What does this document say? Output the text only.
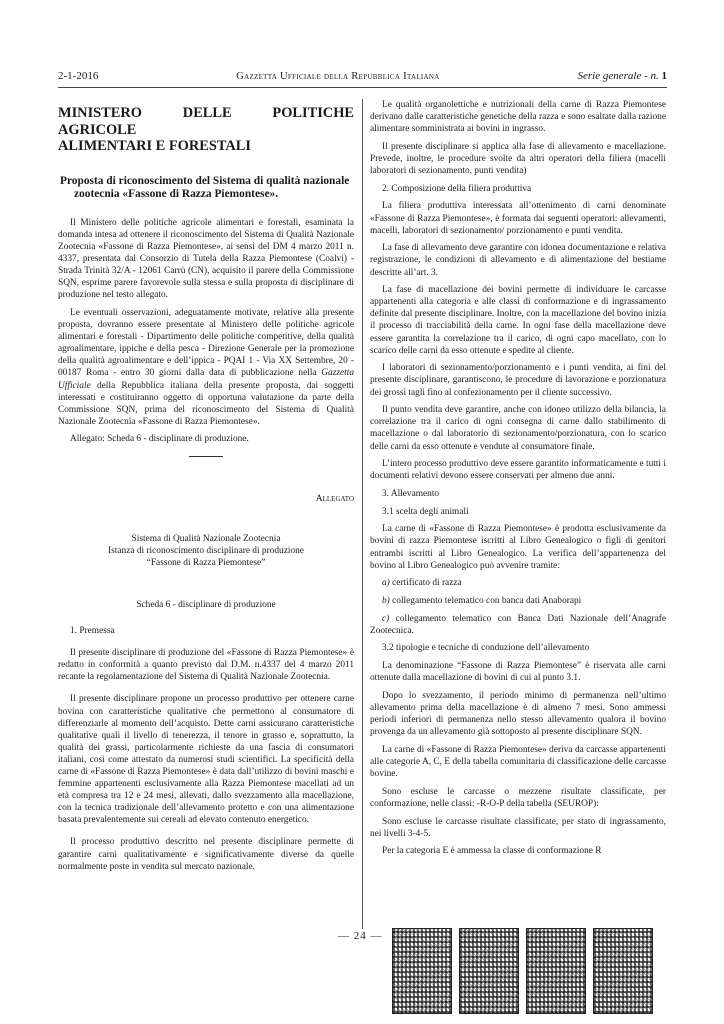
2-1-2016	Gazzetta Ufficiale della Repubblica Italiana	Serie generale - n. 1

MINISTERO DELLE POLITICHE AGRICOLE
ALIMENTARI E FORESTALI

Proposta di riconoscimento del Sistema di qualità nazionale
zootecnia «Fassone di Razza Piemontese».

Il Ministero delle politiche agricole alimentari e forestali, esaminata la domanda intesa ad ottenere il riconoscimento del Sistema di Qualità Nazionale Zootecnia «Fassone di Razza Piemontese», ai sensi del DM 4 marzo 2011 n. 4337, presentata dal Consorzio di Tutela della Razza Piemontese (Coalvi) - Strada Trinità 32/A - 12061 Carrù (CN), acquisito il parere della Commissione SQN, esprime parere favorevole sulla stessa e sulla proposta di disciplinare di produzione nel testo allegato.

Le eventuali osservazioni, adeguatamente motivate, relative alla presente proposta, dovranno essere presentate al Ministero delle politiche agricole alimentari e forestali - Dipartimento delle politiche competitive, della qualità agroalimentare, ippiche e della pesca - Direzione Generale per la promozione della qualità agroalimentare e dell’ippica - PQAI 1 - Via XX Settembre, 20 - 00187 Roma - entro 30 giorni dalla data di pubblicazione nella Gazzetta Ufficiale della Repubblica italiana della presente proposta, dai soggetti interessati e costituiranno oggetto di opportuna valutazione da parte della Commissione SQN, prima del riconoscimento del Sistema di Qualità Nazionale Zootecnia «Fassone di Razza Piemontese».

Allegato: Scheda 6 - disciplinare di produzione.

Allegato

Sistema di Qualità Nazionale Zootecnia
Istanza di riconoscimento disciplinare di produzione
“Fassone di Razza Piemontese”

Scheda 6 - disciplinare di produzione

1. Premessa

Il presente disciplinare di produzione del «Fassone di Razza Piemontese» è redatto in conformità a quanto previsto dal D.M. n.4337 del 4 marzo 2011 recante la regolamentazione del Sistema di Qualità Nazionale Zootecnia.

Il presente disciplinare propone un processo produttivo per ottenere carne bovina con caratteristiche qualitative che permettono al consumatore di differenziarle al momento dell’acquisto. Dette carni assicurano caratteristiche qualitative quali il livello di tenerezza, il tenore in grasso e, soprattutto, la qualità dei grassi, particolarmente richieste da una fascia di consumatori italiani, così come attestato da numerosi studi scientifici. La specificità della carne di «Fassone di Razza Piemontese» è data dall’utilizzo di bovini maschi e femmine appartenenti esclusivamente alla Razza Piemontese macellati ad un età compresa tra 12 e 24 mesi, allevati, dallo svezzamento alla macellazione, con la tecnica tradizionale dell’allevamento protetto e con una alimentazione basata prevalentemente sui cereali ad elevato contenuto energetico.

Il processo produttivo descritto nel presente disciplinare permette di garantire carni qualitativamente e significativamente diverse da quelle normalmente poste in vendita sul mercato nazionale.

Le qualità organolettiche e nutrizionali della carne di Razza Piemontese derivano dalle caratteristiche genetiche della razza e sono esaltate dalla razione alimentare somministrata ai bovini in ingrasso.

Il presente disciplinare si applica alla fase di allevamento e macellazione. Prevede, inoltre, le procedure svolte da altri operatori della filiera (macelli laboratori di sezionamento, punti vendita)

2. Composizione della filiera produttiva

La filiera produttiva interessata all’ottenimento di carni denominate «Fassone di Razza Piemontese», è formata dai seguenti operatori: allevamenti, macelli, laboratori di sezionamento/ porzionamento e punti vendita.

La fase di allevamento deve garantire con idonea documentazione e relativa registrazione, le condizioni di allevamento e di alimentazione del bestiame descritte all’art. 3.

La fase di macellazione dei bovini permette di individuare le carcasse appartenenti alla categoria e alle classi di conformazione e di ingrassamento definite dal presente disciplinare. Inoltre, con la macellazione del bovino inizia il processo di tracciabilità della carne. In ogni fase della macellazione deve essere garantita la correlazione tra il carico, di ogni capo macellato, con lo scarico delle carni da esso ottenute e spedite al cliente.

I laboratori di sezionamento/porzionamento e i punti vendita, ai fini del presente disciplinare, garantiscono, le procedure di lavorazione e porzionatura dei grossi tagli fino al confezionamento per il cliente successivo.

Il punto vendita deve garantire, anche con idoneo utilizzo della bilancia, la correlazione tra il carico di ogni consegna di carne dallo stabilimento di macellazione o dal laboratorio di sezionamento/porzionatura, con lo scarico delle carni da esso ottenute e vendute al consumatore finale.

L’intero processo produttivo deve essere garantito informaticamente e tutti i documenti relativi devono essere conservati per almeno due anni.

3. Allevamento

3.1 scelta degli animali

La carne di «Fassone di Razza Piemontese» è prodotta esclusivamente da bovini di razza Piemontese iscritti al Libro Genealogico o figli di genitori entrambi iscritti al Libro Genealogico. La verifica dell’appartenenza del bovino al Libro Genealogico può avvenire tramite:

a) certificato di razza

b) collegamento telematico con banca dati Anaborapi

c) collegamento telematico con Banca Dati Nazionale dell’Anagrafe Zootecnica.

3.2 tipologie e tecniche di conduzione dell’allevamento

La denominazione “Fassone di Razza Piemontese” è riservata alle carni ottenute dalla macellazione di bovini di cui al punto 3.1.

Dopo lo svezzamento, il periodo minimo di permanenza nell’ultimo allevamento prima della macellazione è di almeno 7 mesi. Sono ammessi periodi inferiori di permanenza nello stesso allevamento qualora il bovino provenga da un allevamento già sottoposto al presente disciplinare SQN.

La carne di «Fassone di Razza Piemontese» deriva da carcasse appartenenti alle categorie A, C, E della tabella comunitaria di classificazione delle carcasse bovine.

Sono escluse le carcasse o mezzene risultate classificate, per conformazione, nelle classi: -R-O-P della tabella (SEUROP):

Sono escluse le carcasse risultate classificate, per stato di ingrassamento, nei livelli 3-4-5.

Per la categoria E è ammessa la classe di conformazione R

— 24 —
